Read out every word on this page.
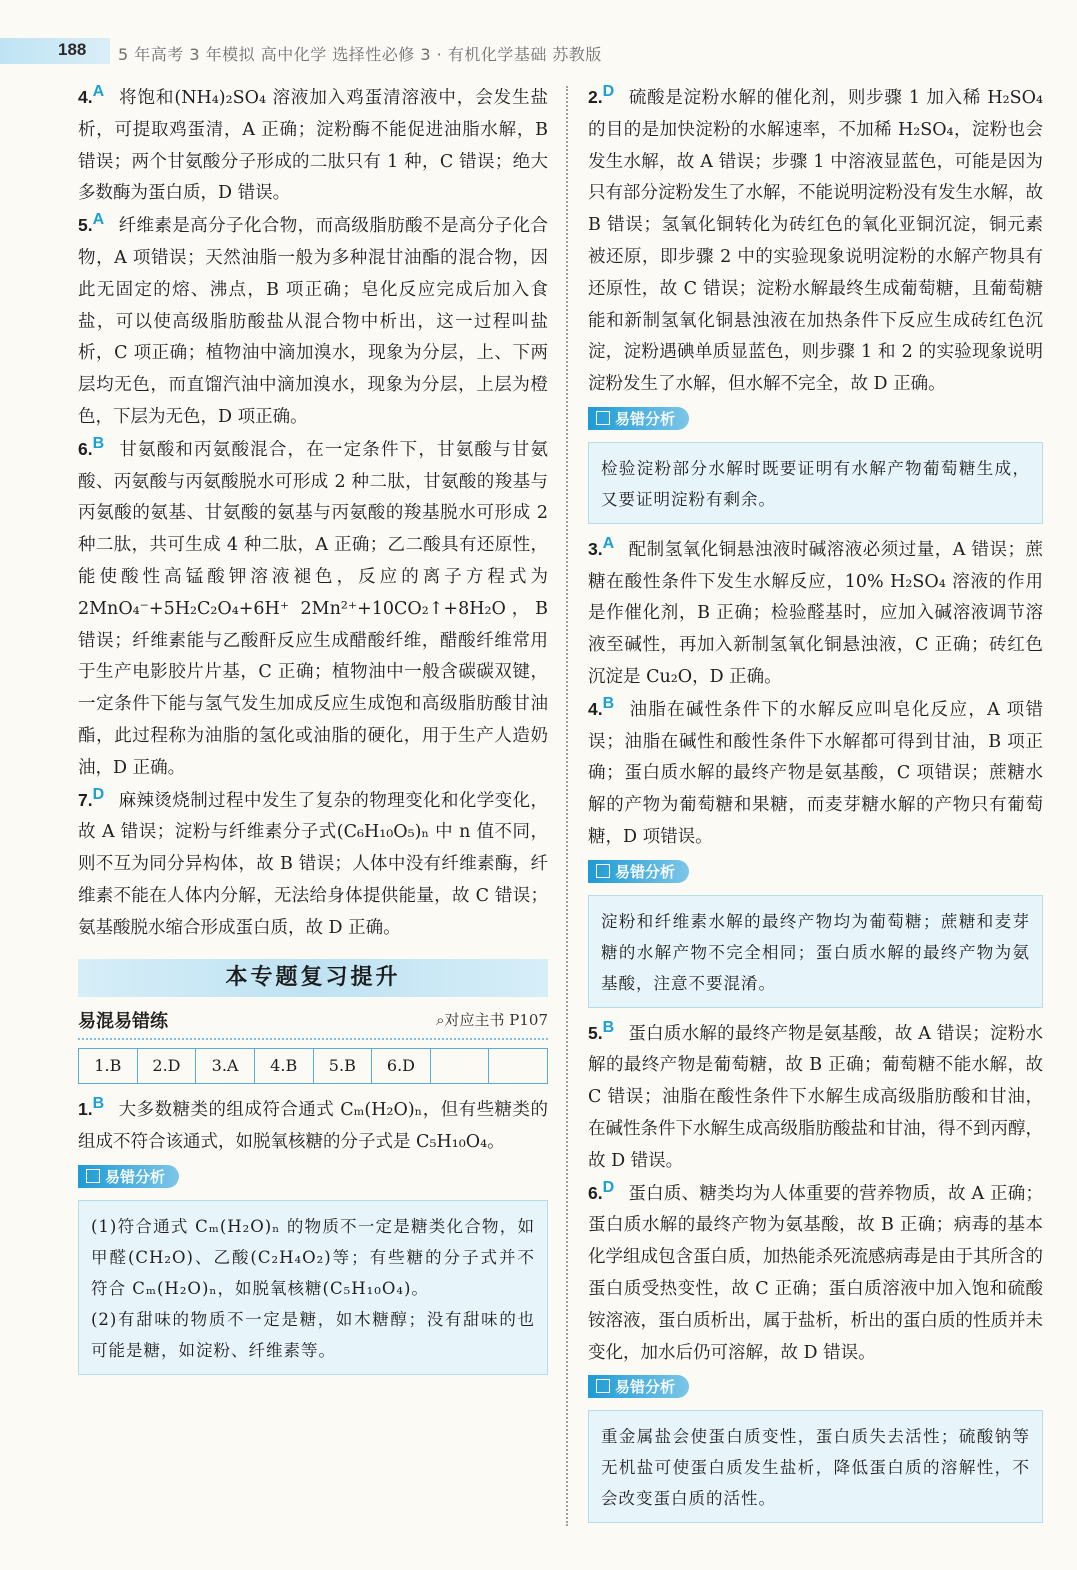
188 5 年高考 3 年模拟 高中化学 选择性必修 3 · 有机化学基础 苏教版
4.A 将饱和(NH₄)₂SO₄ 溶液加入鸡蛋清溶液中，会发生盐析，可提取鸡蛋清，A 正确；淀粉酶不能促进油脂水解，B 错误；两个甘氨酸分子形成的二肽只有 1 种，C 错误；绝大多数酶为蛋白质，D 错误。
5.A 纤维素是高分子化合物，而高级脂肪酸不是高分子化合物，A 项错误；天然油脂一般为多种混甘油酯的混合物，因此无固定的熔、沸点，B 项正确；皂化反应完成后加入食盐，可以使高级脂肪酸盐从混合物中析出，这一过程叫盐析，C 项正确；植物油中滴加溴水，现象为分层，上、下两层均无色，而直馏汽油中滴加溴水，现象为分层，上层为橙色，下层为无色，D 项正确。
6.B 甘氨酸和丙氨酸混合，在一定条件下，甘氨酸与甘氨酸、丙氨酸与丙氨酸脱水可形成 2 种二肽，甘氨酸的羧基与丙氨酸的氨基、甘氨酸的氨基与丙氨酸的羧基脱水可形成 2 种二肽，共可生成 4 种二肽，A 正确；乙二酸具有还原性，能使酸性高锰酸钾溶液褪色，反应的离子方程式为 2MnO₄⁻+5H₂C₂O₄+6H⁺ 2Mn²⁺+10CO₂↑+8H₂O，B 错误；纤维素能与乙酸酐反应生成醋酸纤维，醋酸纤维常用于生产电影胶片片基，C 正确；植物油中一般含碳碳双键，一定条件下能与氢气发生加成反应生成饱和高级脂肪酸甘油酯，此过程称为油脂的氢化或油脂的硬化，用于生产人造奶油，D 正确。
7.D 麻辣烫烧制过程中发生了复杂的物理变化和化学变化，故 A 错误；淀粉与纤维素分子式(C₆H₁₀O₅)ₙ 中 n 值不同，则不互为同分异构体，故 B 错误；人体中没有纤维素酶，纤维素不能在人体内分解，无法给身体提供能量，故 C 错误；氨基酸脱水缩合形成蛋白质，故 D 正确。
本专题复习提升
易混易错练	⌕对应主书 P107
1.B	2.D	3.A	4.B	5.B	6.D		
1.B 大多数糖类的组成符合通式 Cₘ(H₂O)ₙ，但有些糖类的组成不符合该通式，如脱氧核糖的分子式是 C₅H₁₀O₄。
易错分析
(1)符合通式 Cₘ(H₂O)ₙ 的物质不一定是糖类化合物，如甲醛(CH₂O)、乙酸(C₂H₄O₂)等；有些糖的分子式并不符合 Cₘ(H₂O)ₙ，如脱氧核糖(C₅H₁₀O₄)。
(2)有甜味的物质不一定是糖，如木糖醇；没有甜味的也可能是糖，如淀粉、纤维素等。
2.D 硫酸是淀粉水解的催化剂，则步骤 1 加入稀 H₂SO₄ 的目的是加快淀粉的水解速率，不加稀 H₂SO₄，淀粉也会发生水解，故 A 错误；步骤 1 中溶液显蓝色，可能是因为只有部分淀粉发生了水解，不能说明淀粉没有发生水解，故 B 错误；氢氧化铜转化为砖红色的氧化亚铜沉淀，铜元素被还原，即步骤 2 中的实验现象说明淀粉的水解产物具有还原性，故 C 错误；淀粉水解最终生成葡萄糖，且葡萄糖能和新制氢氧化铜悬浊液在加热条件下反应生成砖红色沉淀，淀粉遇碘单质显蓝色，则步骤 1 和 2 的实验现象说明淀粉发生了水解，但水解不完全，故 D 正确。
易错分析
检验淀粉部分水解时既要证明有水解产物葡萄糖生成，又要证明淀粉有剩余。
3.A 配制氢氧化铜悬浊液时碱溶液必须过量，A 错误；蔗糖在酸性条件下发生水解反应，10% H₂SO₄ 溶液的作用是作催化剂，B 正确；检验醛基时，应加入碱溶液调节溶液至碱性，再加入新制氢氧化铜悬浊液，C 正确；砖红色沉淀是 Cu₂O，D 正确。
4.B 油脂在碱性条件下的水解反应叫皂化反应，A 项错误；油脂在碱性和酸性条件下水解都可得到甘油，B 项正确；蛋白质水解的最终产物是氨基酸，C 项错误；蔗糖水解的产物为葡萄糖和果糖，而麦芽糖水解的产物只有葡萄糖，D 项错误。
易错分析
淀粉和纤维素水解的最终产物均为葡萄糖；蔗糖和麦芽糖的水解产物不完全相同；蛋白质水解的最终产物为氨基酸，注意不要混淆。
5.B 蛋白质水解的最终产物是氨基酸，故 A 错误；淀粉水解的最终产物是葡萄糖，故 B 正确；葡萄糖不能水解，故 C 错误；油脂在酸性条件下水解生成高级脂肪酸和甘油，在碱性条件下水解生成高级脂肪酸盐和甘油，得不到丙醇，故 D 错误。
6.D 蛋白质、糖类均为人体重要的营养物质，故 A 正确；蛋白质水解的最终产物为氨基酸，故 B 正确；病毒的基本化学组成包含蛋白质，加热能杀死流感病毒是由于其所含的蛋白质受热变性，故 C 正确；蛋白质溶液中加入饱和硫酸铵溶液，蛋白质析出，属于盐析，析出的蛋白质的性质并未变化，加水后仍可溶解，故 D 错误。
易错分析
重金属盐会使蛋白质变性，蛋白质失去活性；硫酸钠等无机盐可使蛋白质发生盐析，降低蛋白质的溶解性，不会改变蛋白质的活性。
